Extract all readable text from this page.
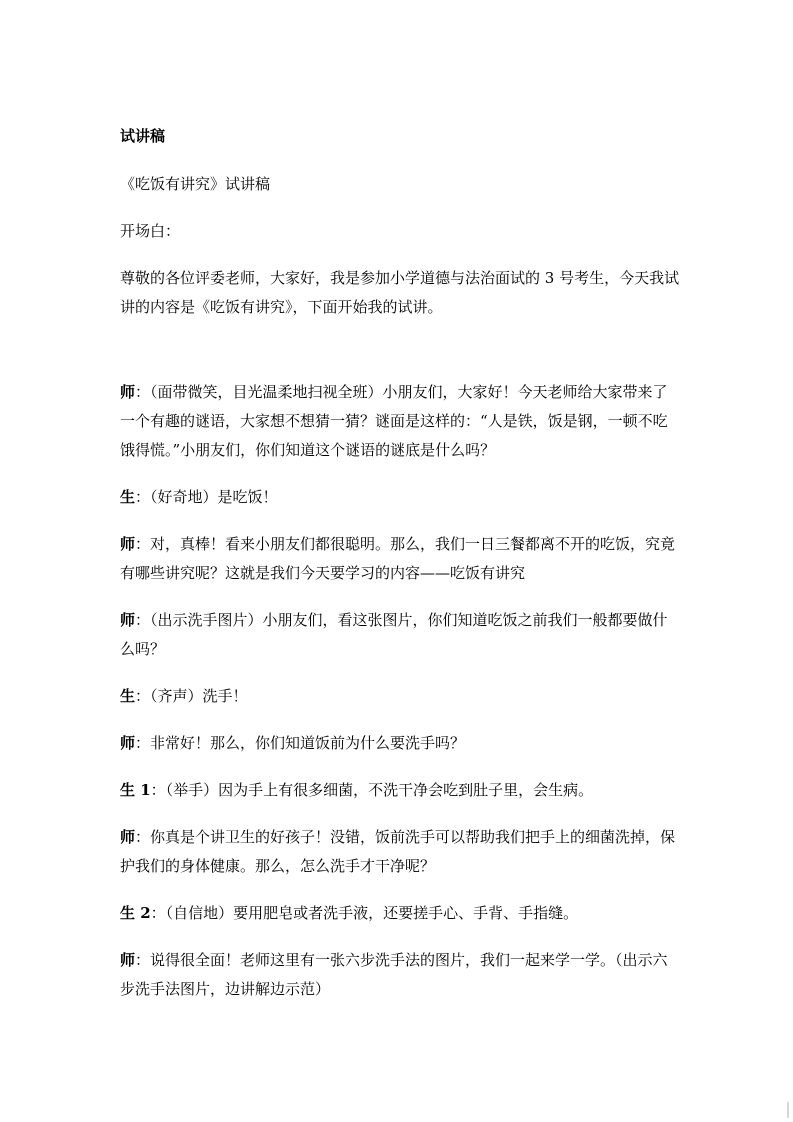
试讲稿

《吃饭有讲究》试讲稿

开场白：

尊敬的各位评委老师，大家好，我是参加小学道德与法治面试的 3 号考生，今天我试讲的内容是《吃饭有讲究》，下面开始我的试讲。

师：（面带微笑，目光温柔地扫视全班）小朋友们，大家好！今天老师给大家带来了一个有趣的谜语，大家想不想猜一猜？谜面是这样的：“人是铁，饭是钢，一顿不吃饿得慌。”小朋友们，你们知道这个谜语的谜底是什么吗？

生：（好奇地）是吃饭！

师：对，真棒！看来小朋友们都很聪明。那么，我们一日三餐都离不开的吃饭，究竟有哪些讲究呢？这就是我们今天要学习的内容——吃饭有讲究

师：（出示洗手图片）小朋友们，看这张图片，你们知道吃饭之前我们一般都要做什么吗？

生：（齐声）洗手！

师：非常好！那么，你们知道饭前为什么要洗手吗？

生 1：（举手）因为手上有很多细菌，不洗干净会吃到肚子里，会生病。

师：你真是个讲卫生的好孩子！没错，饭前洗手可以帮助我们把手上的细菌洗掉，保护我们的身体健康。那么，怎么洗手才干净呢？

生 2：（自信地）要用肥皂或者洗手液，还要搓手心、手背、手指缝。

师：说得很全面！老师这里有一张六步洗手法的图片，我们一起来学一学。（出示六步洗手法图片，边讲解边示范）
